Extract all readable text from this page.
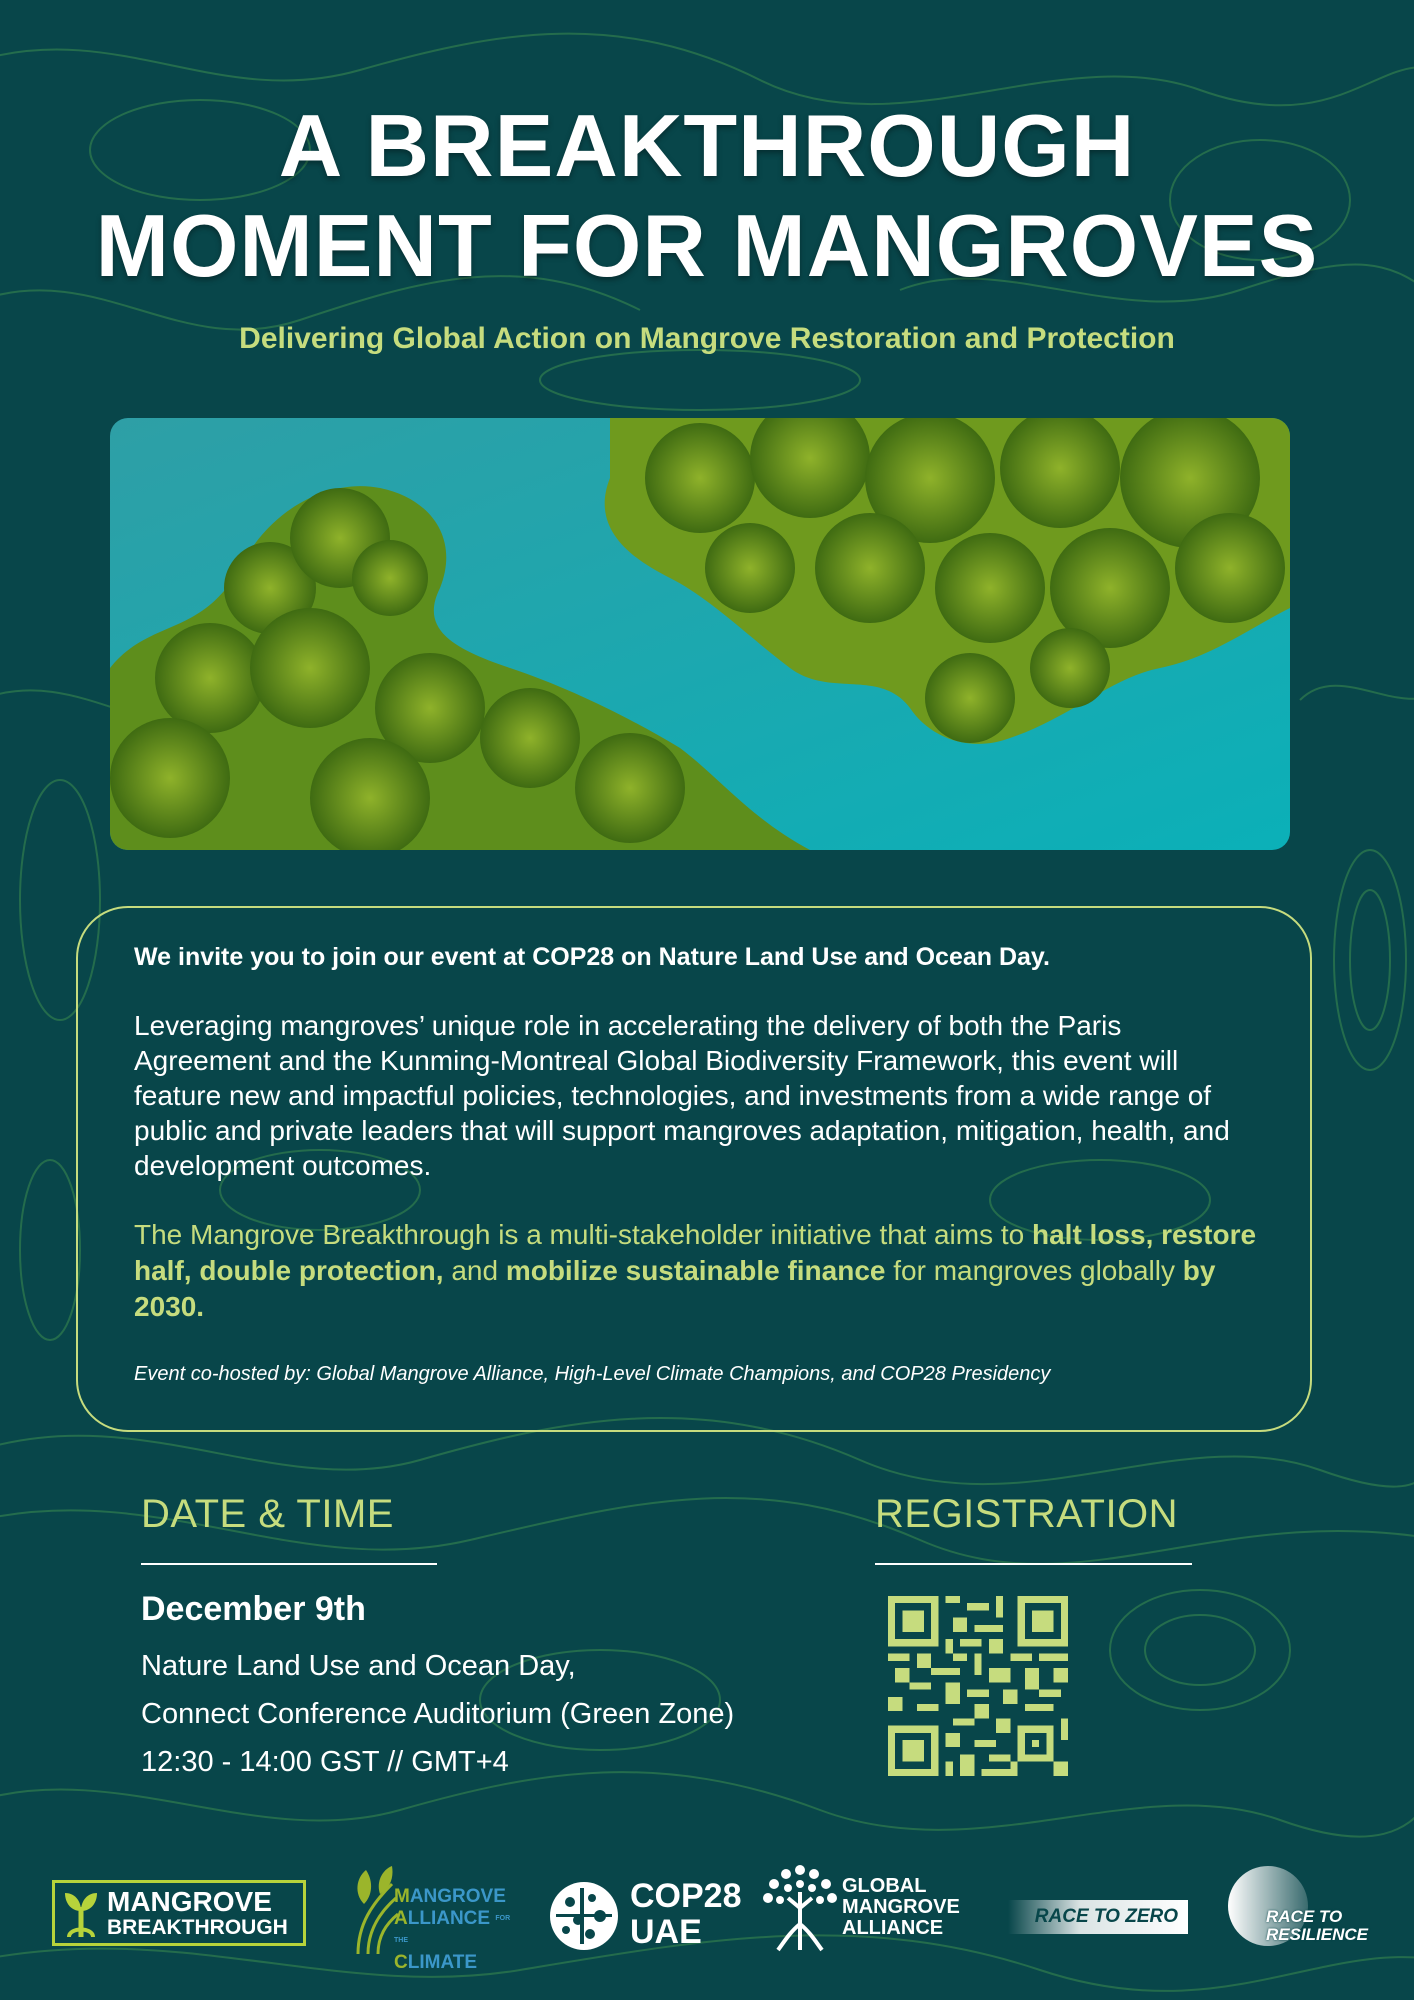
A BREAKTHROUGH
MOMENT FOR MANGROVES
Delivering Global Action on Mangrove Restoration and Protection
We invite you to join our event at COP28 on Nature Land Use and Ocean Day.
Leveraging mangroves’ unique role in accelerating the delivery of both the Paris Agreement and the Kunming-Montreal Global Biodiversity Framework, this event will feature new and impactful policies, technologies, and investments from a wide range of public and private leaders that will support mangroves adaptation, mitigation, health, and development outcomes.
The Mangrove Breakthrough is a multi-stakeholder initiative that aims to halt loss, restore half, double protection, and mobilize sustainable finance for mangroves globally by 2030.
Event co-hosted by: Global Mangrove Alliance, High-Level Climate Champions, and COP28 Presidency
DATE & TIME
December 9th
Nature Land Use and Ocean Day,
Connect Conference Auditorium (Green Zone)
12:30 - 14:00 GST // GMT+4
REGISTRATION
MANGROVE
BREAKTHROUGH
MANGROVE
ALLIANCE FOR THE
CLIMATE
COP28
UAE
GLOBAL
MANGROVE
ALLIANCE
RACE TO ZERO	RACE TO
RESILIENCE
